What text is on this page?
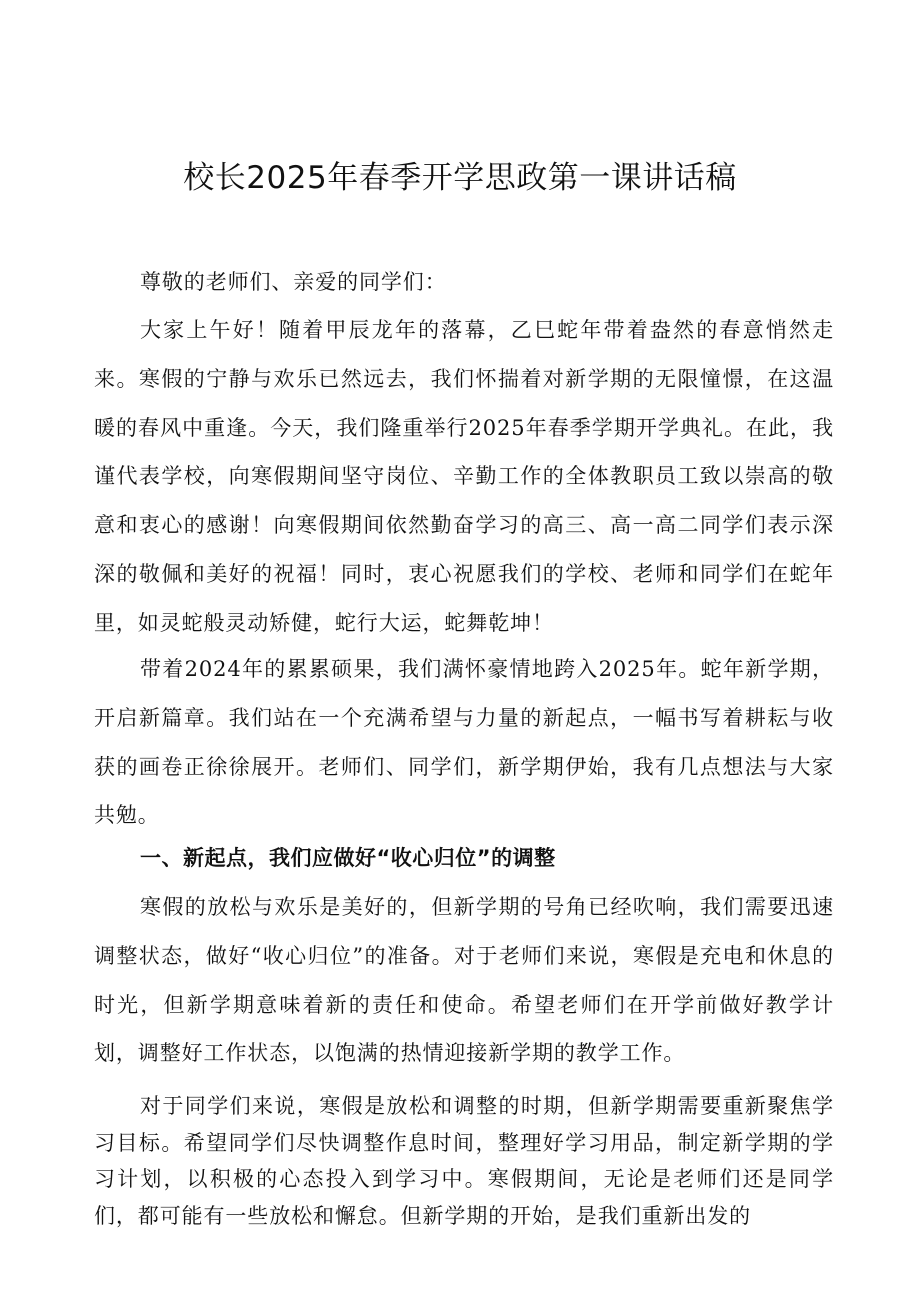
校长2025年春季开学思政第一课讲话稿

尊敬的老师们、亲爱的同学们：

大家上午好！随着甲辰龙年的落幕，乙巳蛇年带着盎然的春意悄然走来。寒假的宁静与欢乐已然远去，我们怀揣着对新学期的无限憧憬，在这温暖的春风中重逢。今天，我们隆重举行2025年春季学期开学典礼。在此，我谨代表学校，向寒假期间坚守岗位、辛勤工作的全体教职员工致以崇高的敬意和衷心的感谢！向寒假期间依然勤奋学习的高三、高一高二同学们表示深深的敬佩和美好的祝福！同时，衷心祝愿我们的学校、老师和同学们在蛇年里，如灵蛇般灵动矫健，蛇行大运，蛇舞乾坤！

带着2024年的累累硕果，我们满怀豪情地跨入2025年。蛇年新学期，开启新篇章。我们站在一个充满希望与力量的新起点，一幅书写着耕耘与收获的画卷正徐徐展开。老师们、同学们，新学期伊始，我有几点想法与大家共勉。

一、新起点，我们应做好“收心归位”的调整

寒假的放松与欢乐是美好的，但新学期的号角已经吹响，我们需要迅速调整状态，做好“收心归位”的准备。对于老师们来说，寒假是充电和休息的时光，但新学期意味着新的责任和使命。希望老师们在开学前做好教学计划，调整好工作状态，以饱满的热情迎接新学期的教学工作。

对于同学们来说，寒假是放松和调整的时期，但新学期需要重新聚焦学习目标。希望同学们尽快调整作息时间，整理好学习用品，制定新学期的学习计划，以积极的心态投入到学习中。寒假期间，无论是老师们还是同学们，都可能有一些放松和懈怠。但新学期的开始，是我们重新出发的
